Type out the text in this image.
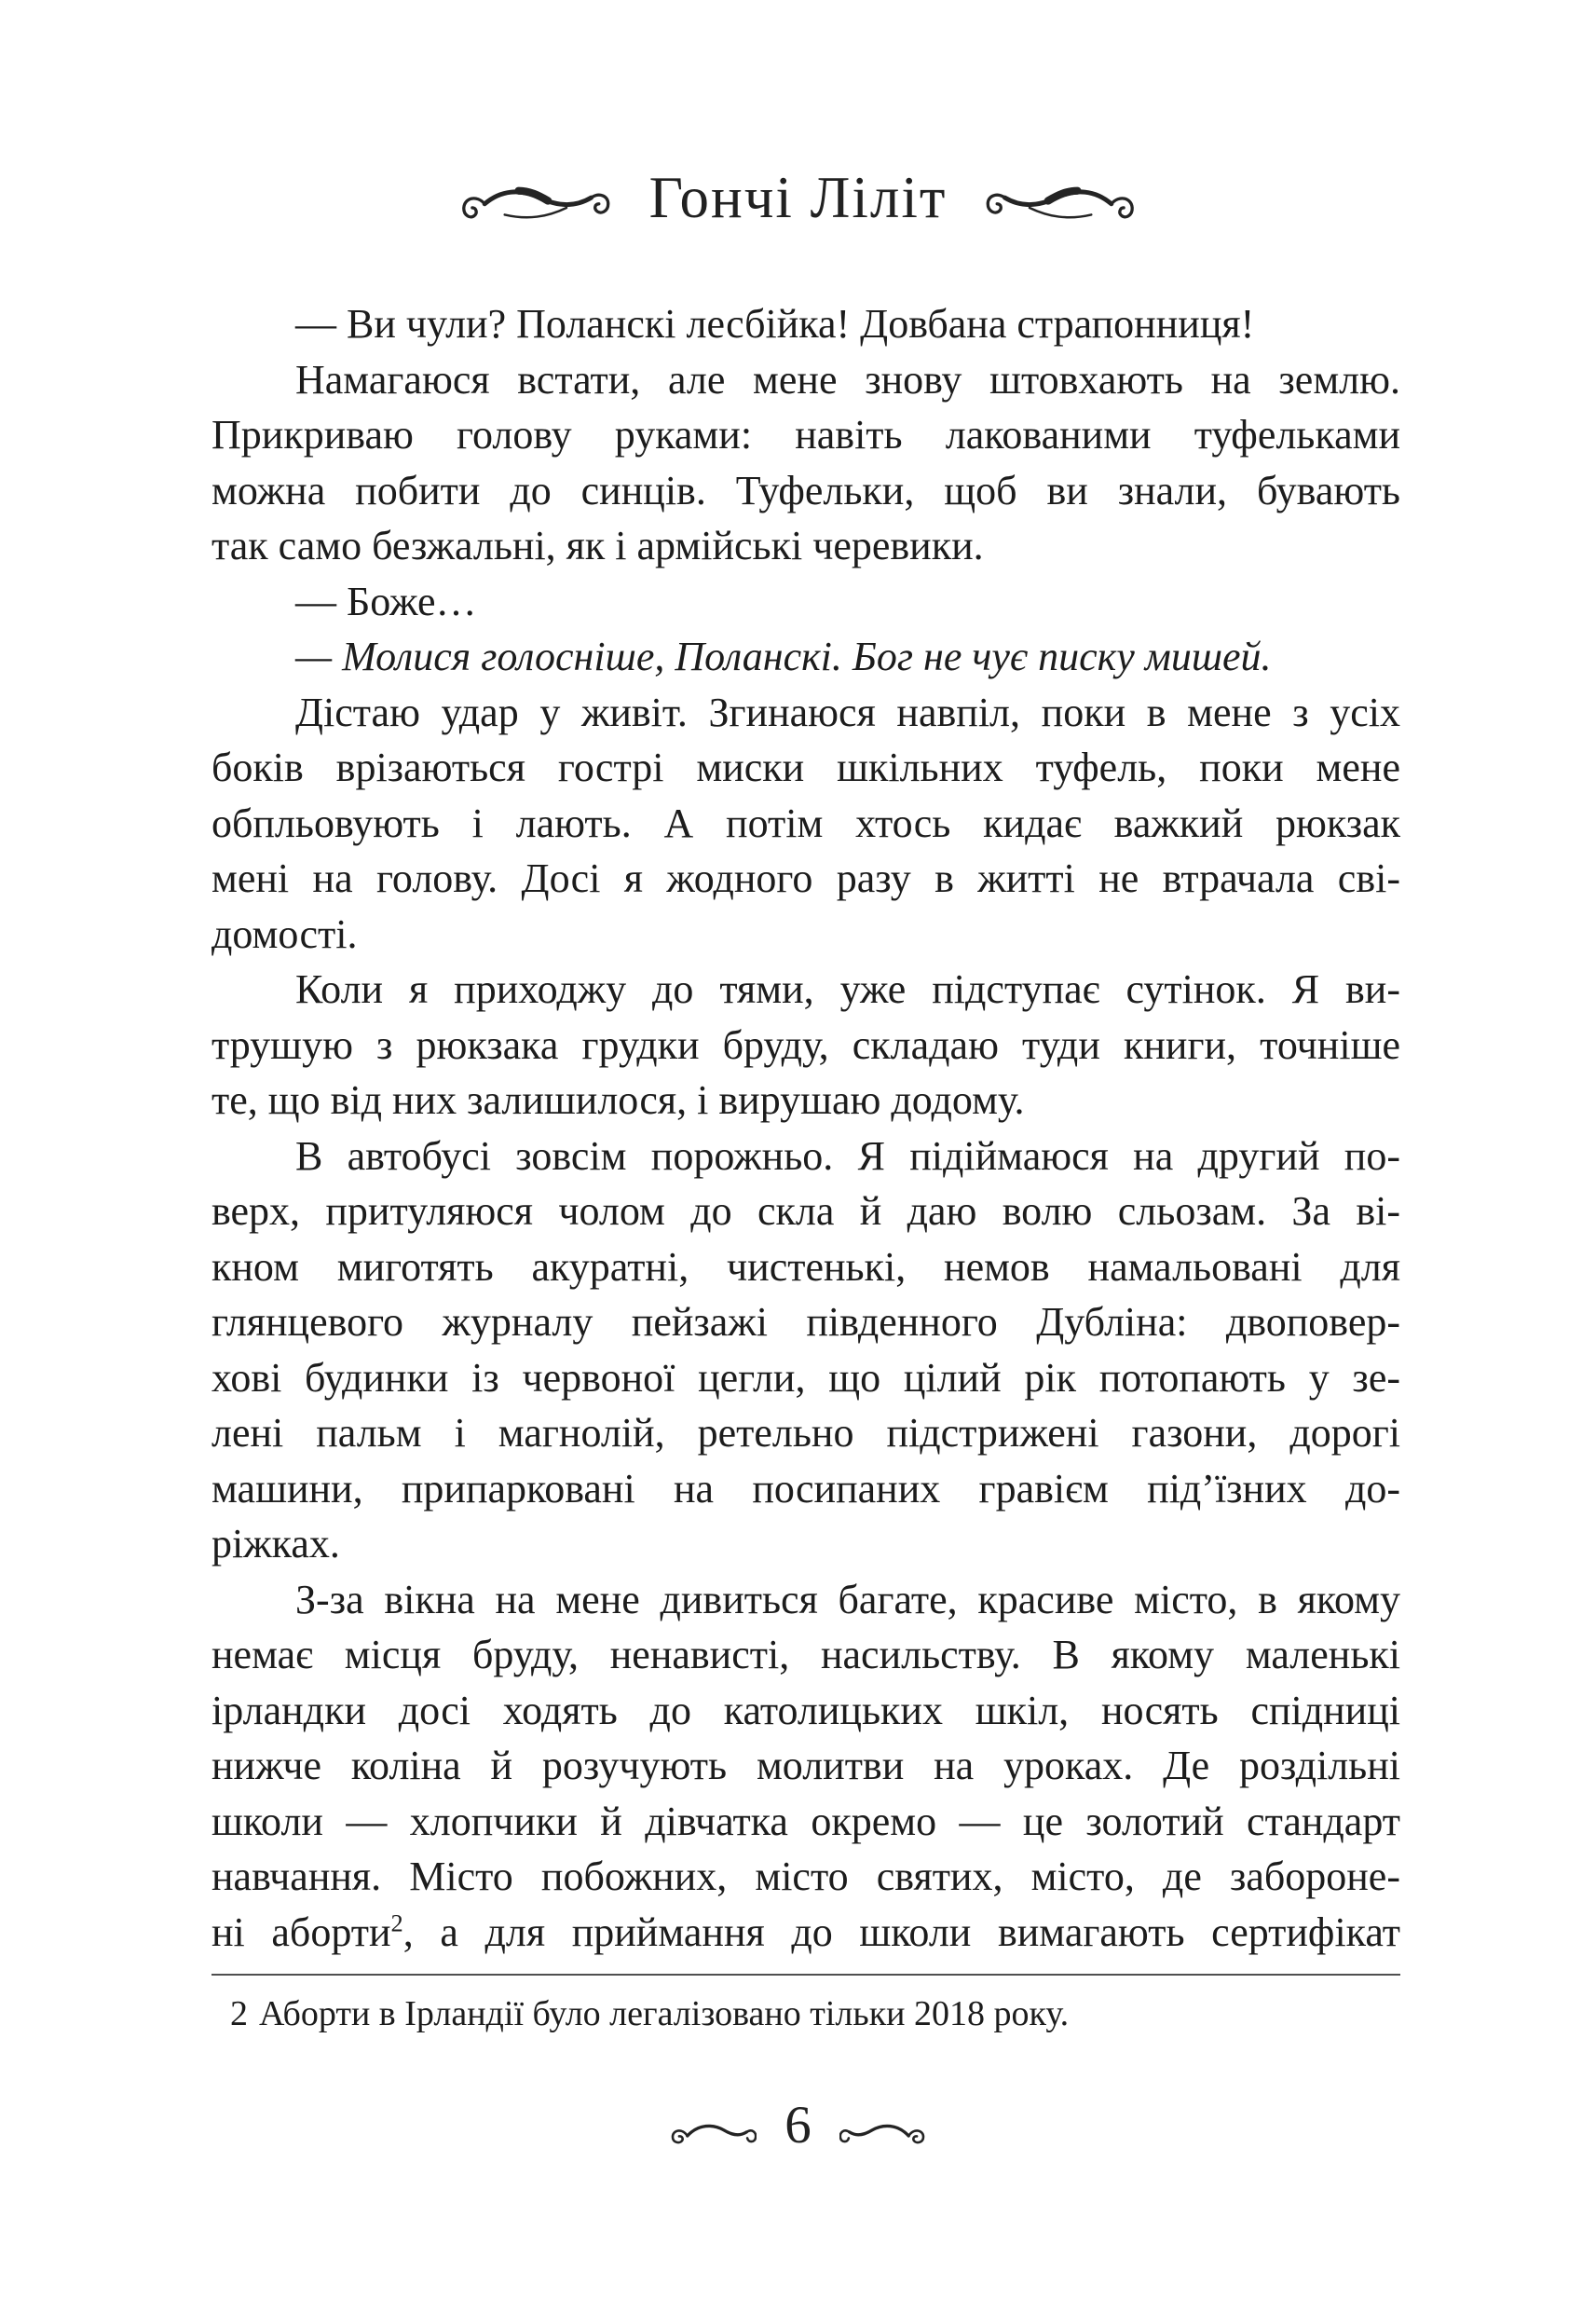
Гончі Ліліт
— Ви чули? Поланскі лесбійка! Довбана страпонниця!
Намагаюся встати, але мене знову штовхають на землю.
Прикриваю голову руками: навіть лакованими туфельками
можна побити до синців. Туфельки, щоб ви знали, бувають
так само безжальні, як і армійські черевики.
— Боже…
— Молися голосніше, Поланскі. Бог не чує писку мишей.
Дістаю удар у живіт. Згинаюся навпіл, поки в мене з усіх
боків врізаються гострі миски шкільних туфель, поки мене
обпльовують і лають. А потім хтось кидає важкий рюкзак
мені на голову. Досі я жодного разу в житті не втрачала сві-
домості.
Коли я приходжу до тями, уже підступає сутінок. Я ви-
трушую з рюкзака грудки бруду, складаю туди книги, точніше
те, що від них залишилося, і вирушаю додому.
В автобусі зовсім порожньо. Я підіймаюся на другий по-
верх, притуляюся чолом до скла й даю волю сльозам. За ві-
кном миготять акуратні, чистенькі, немов намальовані для
глянцевого журналу пейзажі південного Дубліна: двоповер-
хові будинки із червоної цегли, що цілий рік потопають у зе-
лені пальм і магнолій, ретельно підстрижені газони, дорогі
машини, припарковані на посипаних гравієм під’їзних до-
ріжках.
З-за вікна на мене дивиться багате, красиве місто, в якому
немає місця бруду, ненависті, насильству. В якому маленькі
ірландки досі ходять до католицьких шкіл, носять спідниці
нижче коліна й розучують молитви на уроках. Де роздільні
школи — хлопчики й дівчатка окремо — це золотий стандарт
навчання. Місто побожних, місто святих, місто, де забороне-
ні аборти$^2$, а для приймання до школи вимагають сертифікат
2 Аборти в Ірландії було легалізовано тільки 2018 року.
6
